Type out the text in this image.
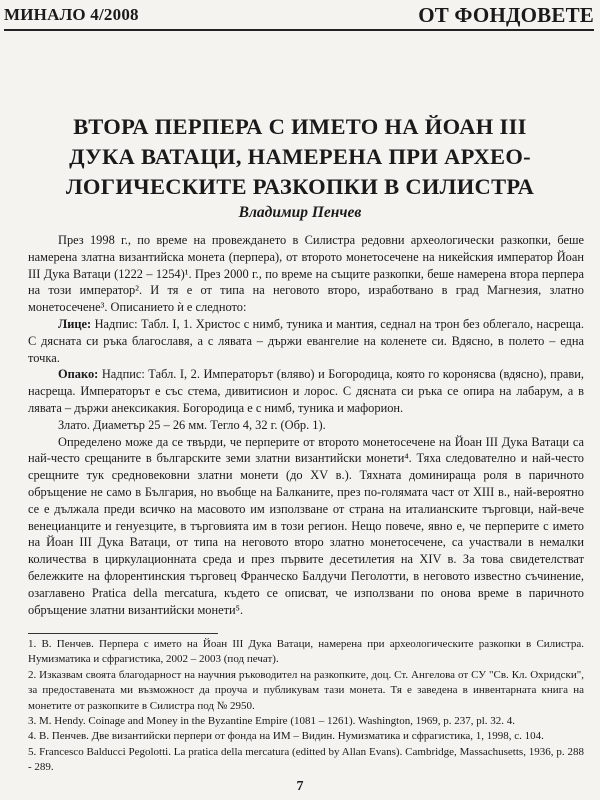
МИНАЛО 4/2008	ОТ ФОНДОВЕТЕ
ВТОРА ПЕРПЕРА С ИМЕТО НА ЙОАН III
ДУКА ВАТАЦИ, НАМЕРЕНА ПРИ АРХЕО-
ЛОГИЧЕСКИТЕ РАЗКОПКИ В СИЛИСТРА
Владимир Пенчев

През 1998 г., по време на провеждането в Силистра редовни археологически разкопки, беше намерена златна византийска монета (перпера), от второто монетосечене на никейския император Йоан III Дука Ватаци (1222 – 1254)¹. През 2000 г., по време на същите разкопки, беше намерена втора перпера на този император². И тя е от типа на неговото второ, изработвано в град Магнезия, златно монетосечене³. Описанието ѝ е следното:

Лице: Надпис: Табл. I, 1. Христос с нимб, туника и мантия, седнал на трон без облегало, насреща. С дясната си ръка благославя, а с лявата – държи евангелие на коленете си. Вдясно, в полето – една точка.

Опако: Надпис: Табл. I, 2. Императорът (вляво) и Богородица, която го коронясва (вдясно), прави, насреща. Императорът е със стема, дивитисион и лорос. С дясната си ръка се опира на лабарум, а в лявата – държи анексикакия. Богородица е с нимб, туника и мафорион.

Злато. Диаметър 25 – 26 мм. Тегло 4, 32 г. (Обр. 1).

Определено може да се твърди, че перперите от второто монетосечене на Йоан III Дука Ватаци са най-често срещаните в българските земи златни византийски монети⁴. Тяха следователно и най-често срещните тук средновековни златни монети (до XV в.). Тяхната доминираща роля в паричното обръщение не само в България, но въобще на Балканите, през по-голямата част от XIII в., най-вероятно се е дължала преди всичко на масовото им използване от страна на италианските търговци, най-вече венецианците и генуезците, в търговията им в този регион. Нещо повече, явно е, че перперите с името на Йоан III Дука Ватаци, от типа на неговото второ златно монетосечене, са участвали в немалки количества в циркулационната среда и през първите десетилетия на XIV в. За това свидетелстват бележките на флорентинския търговец Франческо Балдучи Пеголотти, в неговото известно съчинение, озаглавено Pratica della mercatura, където се описват, че използвани по онова време в паричното обръщение златни византийски монети⁵.

1. В. Пенчев. Перпера с името на Йоан III Дука Ватаци, намерена при археологическите разкопки в Силистра. Нумизматика и сфрагистика, 2002 – 2003 (под печат).

2. Изказвам своята благодарност на научния ръководител на разкопките, доц. Ст. Ангелова от СУ "Св. Кл. Охридски", за предоставената ми възможност да проуча и публикувам тази монета. Тя е заведена в инвентарната книга на монетите от разкопките в Силистра под № 2950.

3. M. Hendy. Coinage and Money in the Byzantine Empire (1081 – 1261). Washington, 1969, p. 237, pl. 32. 4.

4. В. Пенчев. Две византийски перпери от фонда на ИМ – Видин. Нумизматика и сфрагистика, 1, 1998, с. 104.

5. Francesco Balducci Pegolotti. La pratica della mercatura (editted by Allan Evans). Cambridge, Massachusetts, 1936, p. 288 - 289.

7
